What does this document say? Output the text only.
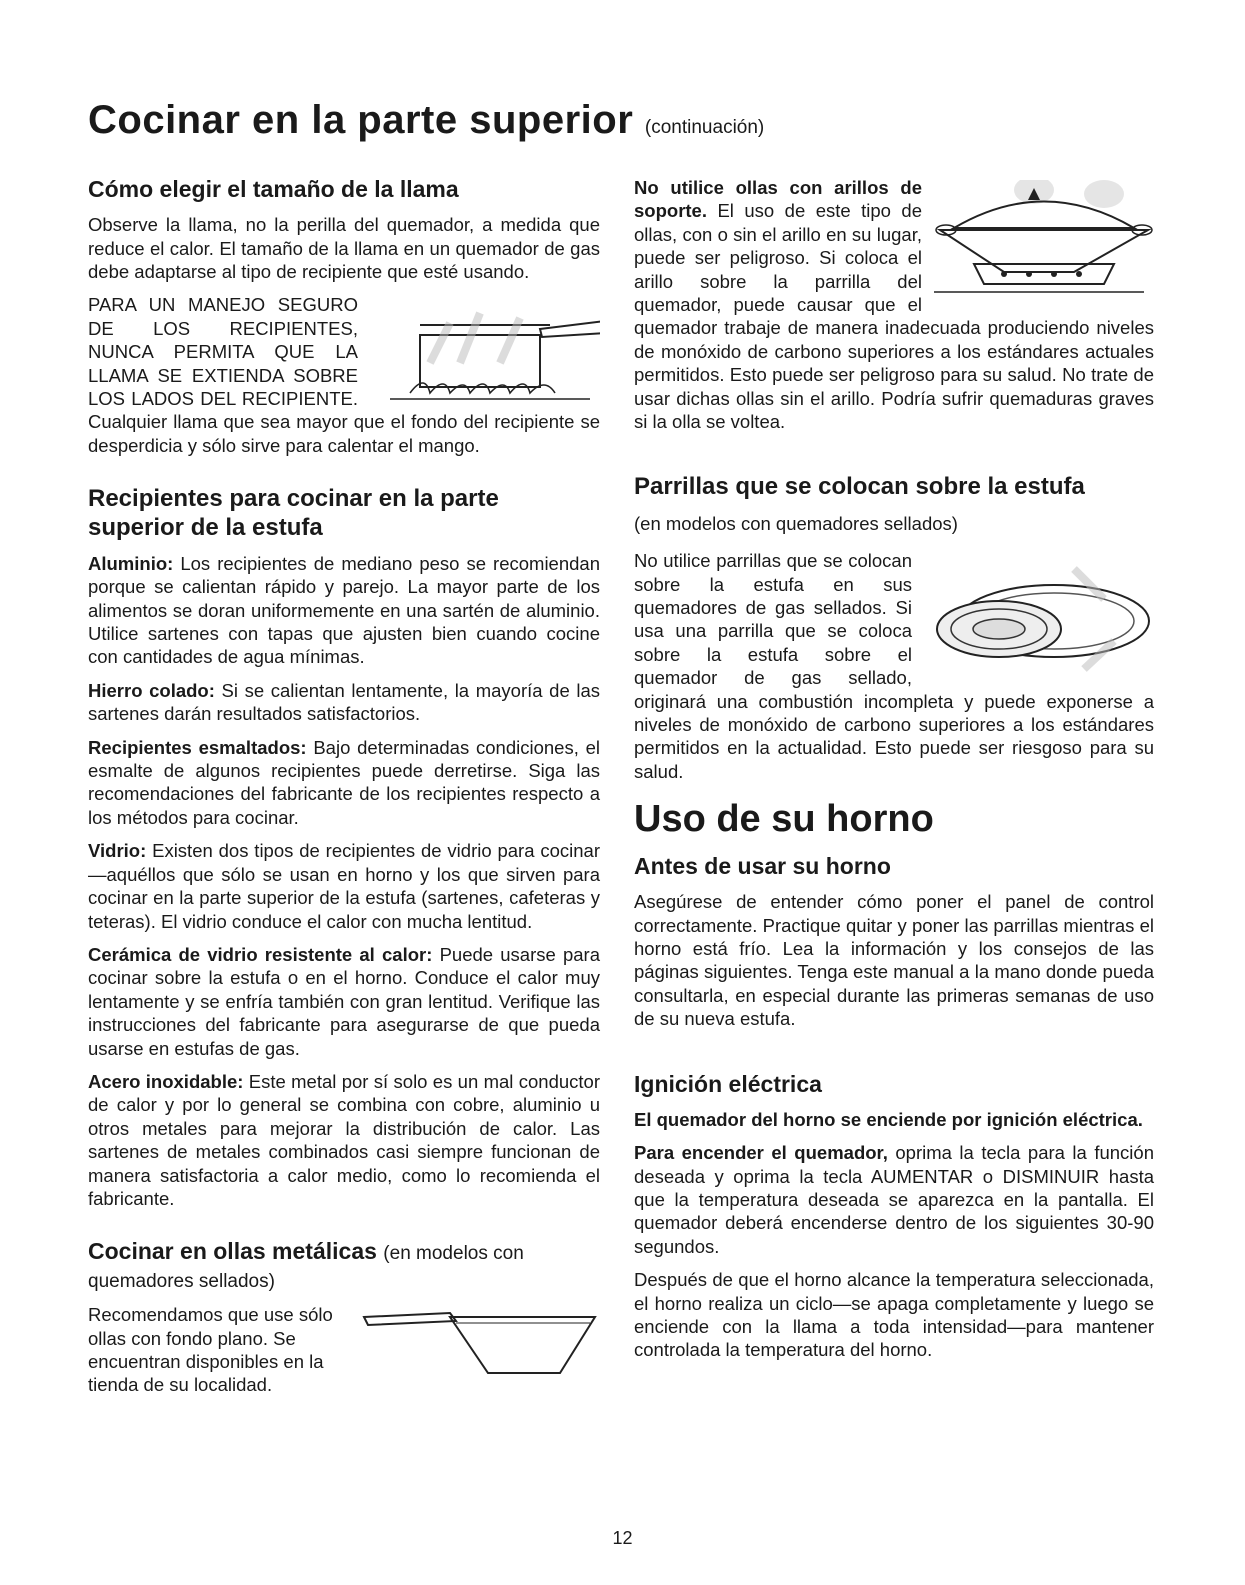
Cocinar en la parte superior (continuación)
Cómo elegir el tamaño de la llama

Observe la llama, no la perilla del quemador, a medida que reduce el calor. El tamaño de la llama en un quemador de gas debe adaptarse al tipo de recipiente que esté usando.

PARA UN MANEJO SEGURO DE LOS RECIPIENTES, NUNCA PERMITA QUE LA LLAMA SE EXTIENDA SOBRE LOS LADOS DEL RECIPIENTE. Cualquier llama que sea mayor que el fondo del recipiente se desperdicia y sólo sirve para calentar el mango.

Recipientes para cocinar en la parte superior de la estufa

Aluminio: Los recipientes de mediano peso se recomiendan porque se calientan rápido y parejo. La mayor parte de los alimentos se doran uniformemente en una sartén de aluminio. Utilice sartenes con tapas que ajusten bien cuando cocine con cantidades de agua mínimas.

Hierro colado: Si se calientan lentamente, la mayoría de las sartenes darán resultados satisfactorios.

Recipientes esmaltados: Bajo determinadas condiciones, el esmalte de algunos recipientes puede derretirse. Siga las recomendaciones del fabricante de los recipientes respecto a los métodos para cocinar.

Vidrio: Existen dos tipos de recipientes de vidrio para cocinar—aquéllos que sólo se usan en horno y los que sirven para cocinar en la parte superior de la estufa (sartenes, cafeteras y teteras). El vidrio conduce el calor con mucha lentitud.

Cerámica de vidrio resistente al calor: Puede usarse para cocinar sobre la estufa o en el horno. Conduce el calor muy lentamente y se enfría también con gran lentitud. Verifique las instrucciones del fabricante para asegurarse de que pueda usarse en estufas de gas.

Acero inoxidable: Este metal por sí solo es un mal conductor de calor y por lo general se combina con cobre, aluminio u otros metales para mejorar la distribución de calor. Las sartenes de metales combinados casi siempre funcionan de manera satisfactoria a calor medio, como lo recomienda el fabricante.

Cocinar en ollas metálicas (en modelos con quemadores sellados)

Recomendamos que use sólo ollas con fondo plano. Se encuentran disponibles en la tienda de su localidad.

No utilice ollas con arillos de soporte. El uso de este tipo de ollas, con o sin el arillo en su lugar, puede ser peligroso. Si coloca el arillo sobre la parrilla del quemador, puede causar que el quemador trabaje de manera inadecuada produciendo niveles de monóxido de carbono superiores a los estándares actuales permitidos. Esto puede ser peligroso para su salud. No trate de usar dichas ollas sin el arillo. Podría sufrir quemaduras graves si la olla se voltea.

Parrillas que se colocan sobre la estufa

(en modelos con quemadores sellados)

No utilice parrillas que se colocan sobre la estufa en sus quemadores de gas sellados. Si usa una parrilla que se coloca sobre la estufa sobre el quemador de gas sellado, originará una combustión incompleta y puede exponerse a niveles de monóxido de carbono superiores a los estándares permitidos en la actualidad. Esto puede ser riesgoso para su salud.

Uso de su horno
Antes de usar su horno

Asegúrese de entender cómo poner el panel de control correctamente. Practique quitar y poner las parrillas mientras el horno está frío. Lea la información y los consejos de las páginas siguientes. Tenga este manual a la mano donde pueda consultarla, en especial durante las primeras semanas de uso de su nueva estufa.

Ignición eléctrica

El quemador del horno se enciende por ignición eléctrica.

Para encender el quemador, oprima la tecla para la función deseada y oprima la tecla AUMENTAR o DISMINUIR hasta que la temperatura deseada se aparezca en la pantalla. El quemador deberá encenderse dentro de los siguientes 30-90 segundos.

Después de que el horno alcance la temperatura seleccionada, el horno realiza un ciclo—se apaga completamente y luego se enciende con la llama a toda intensidad—para mantener controlada la temperatura del horno.

12
